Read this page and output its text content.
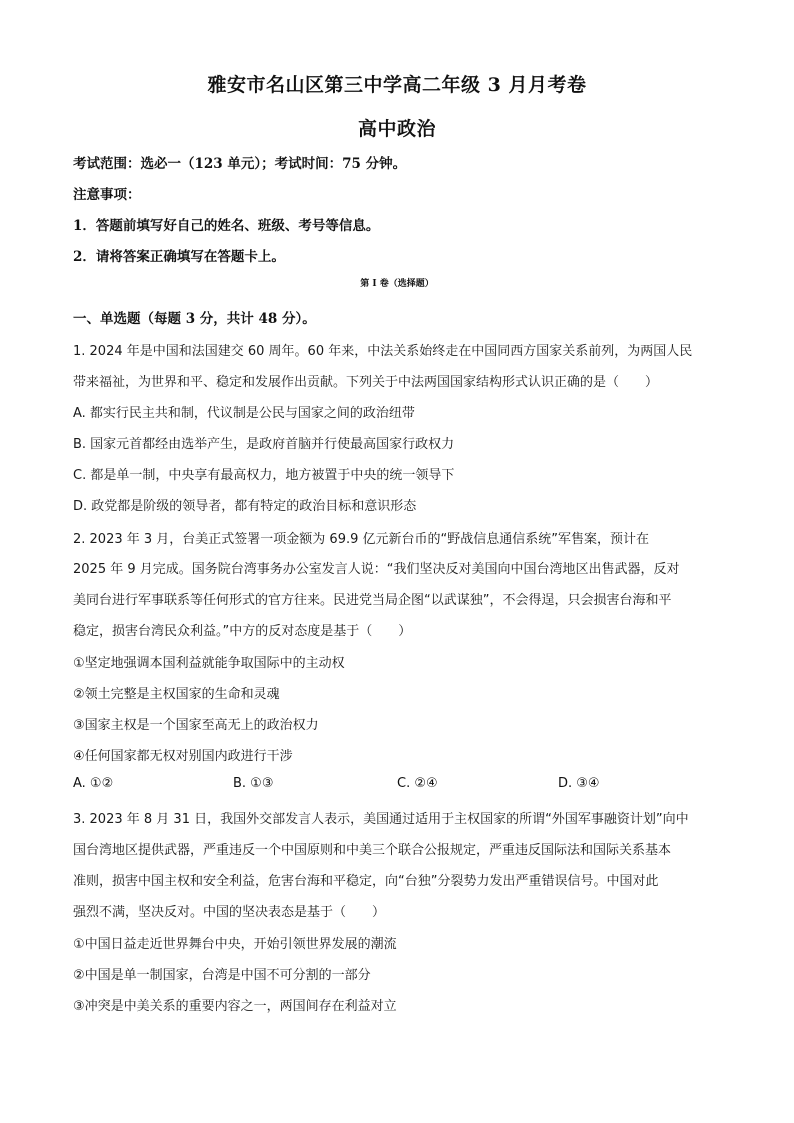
雅安市名山区第三中学高二年级 3 月月考卷
高中政治
考试范围：选必一（123 单元）；考试时间：75 分钟。
注意事项：
1．答题前填写好自己的姓名、班级、考号等信息。
2．请将答案正确填写在答题卡上。
第 I 卷（选择题）
一、单选题（每题 3 分，共计 48 分）。
1. 2024 年是中国和法国建交 60 周年。60 年来，中法关系始终走在中国同西方国家关系前列，为两国人民
带来福祉，为世界和平、稳定和发展作出贡献。下列关于中法两国国家结构形式认识正确的是（　　）
A. 都实行民主共和制，代议制是公民与国家之间的政治纽带
B. 国家元首都经由选举产生，是政府首脑并行使最高国家行政权力
C. 都是单一制，中央享有最高权力，地方被置于中央的统一领导下
D. 政党都是阶级的领导者，都有特定的政治目标和意识形态
2. 2023 年 3 月，台美正式签署一项金额为 69.9 亿元新台币的“野战信息通信系统”军售案，预计在
2025 年 9 月完成。国务院台湾事务办公室发言人说：“我们坚决反对美国向中国台湾地区出售武器，反对
美同台进行军事联系等任何形式的官方往来。民进党当局企图“以武谋独”，不会得逞，只会损害台海和平
稳定，损害台湾民众利益。”中方的反对态度是基于（　　）
①坚定地强调本国利益就能争取国际中的主动权
②领土完整是主权国家的生命和灵魂
③国家主权是一个国家至高无上的政治权力
④任何国家都无权对别国内政进行干涉
A. ①②	B. ①③	C. ②④	D. ③④
3. 2023 年 8 月 31 日，我国外交部发言人表示，美国通过适用于主权国家的所谓“外国军事融资计划”向中
国台湾地区提供武器，严重违反一个中国原则和中美三个联合公报规定，严重违反国际法和国际关系基本
准则，损害中国主权和安全利益，危害台海和平稳定，向“台独”分裂势力发出严重错误信号。中国对此
强烈不满，坚决反对。中国的坚决表态是基于（　　）
①中国日益走近世界舞台中央，开始引领世界发展的潮流
②中国是单一制国家，台湾是中国不可分割的一部分
③冲突是中美关系的重要内容之一，两国间存在利益对立
